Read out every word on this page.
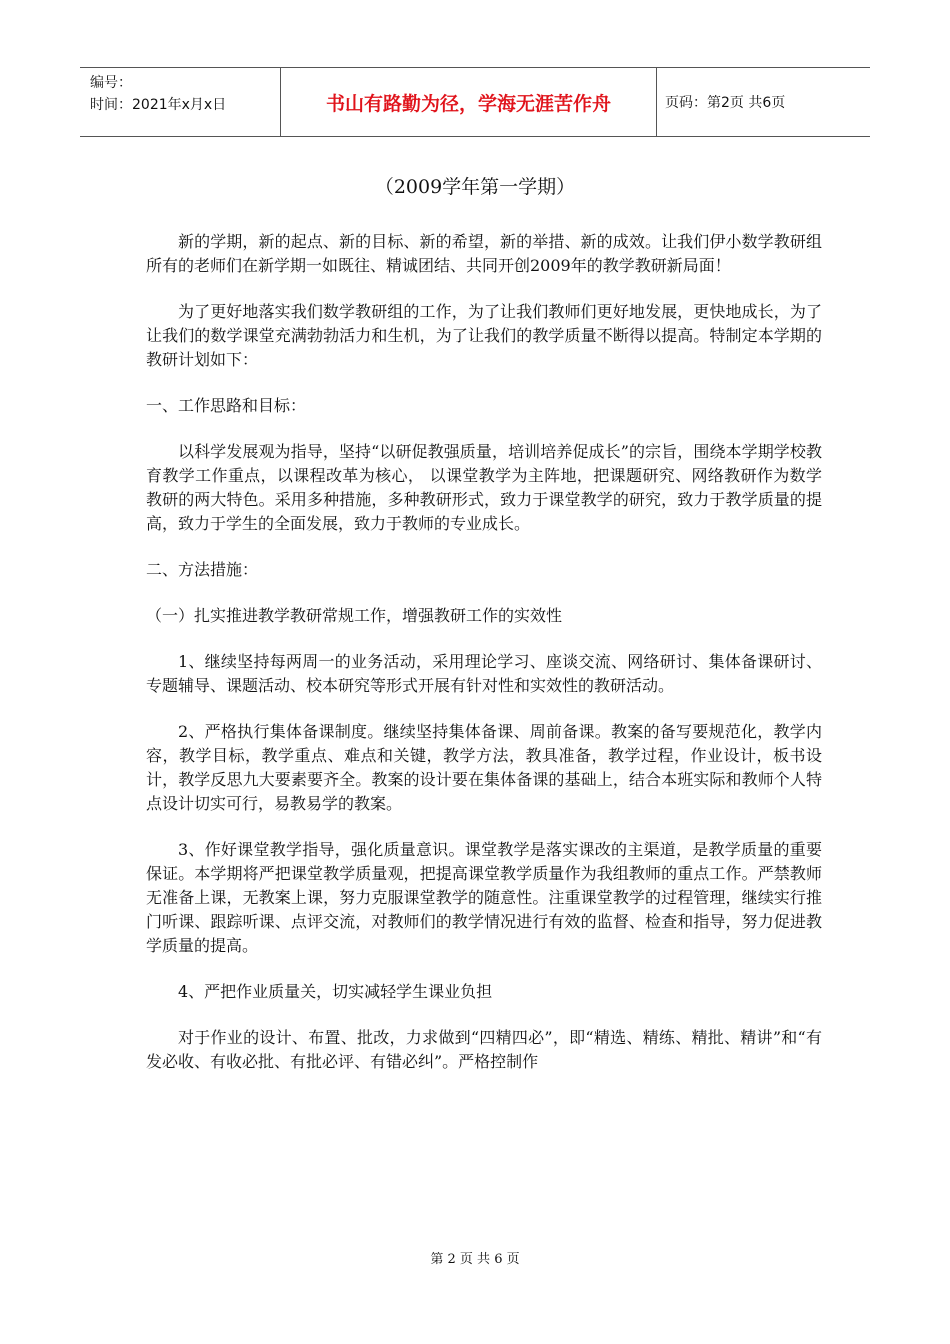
编号：
时间：2021年x月x日	书山有路勤为径，学海无涯苦作舟	页码：第2页 共6页
（2009学年第一学期）

新的学期，新的起点、新的目标、新的希望，新的举措、新的成效。让我们伊小数学教研组所有的老师们在新学期一如既往、精诚团结、共同开创2009年的教学教研新局面！

为了更好地落实我们数学教研组的工作，为了让我们教师们更好地发展，更快地成长，为了让我们的数学课堂充满勃勃活力和生机，为了让我们的教学质量不断得以提高。特制定本学期的教研计划如下：

一、工作思路和目标：

以科学发展观为指导，坚持“以研促教强质量，培训培养促成长”的宗旨，围绕本学期学校教育教学工作重点，以课程改革为核心， 以课堂教学为主阵地，把课题研究、网络教研作为数学教研的两大特色。采用多种措施，多种教研形式，致力于课堂教学的研究，致力于教学质量的提高，致力于学生的全面发展，致力于教师的专业成长。

二、方法措施：

（一）扎实推进教学教研常规工作，增强教研工作的实效性

1、继续坚持每两周一的业务活动，采用理论学习、座谈交流、网络研讨、集体备课研讨、专题辅导、课题活动、校本研究等形式开展有针对性和实效性的教研活动。

2、严格执行集体备课制度。继续坚持集体备课、周前备课。教案的备写要规范化，教学内容，教学目标，教学重点、难点和关键，教学方法，教具准备，教学过程，作业设计，板书设计，教学反思九大要素要齐全。教案的设计要在集体备课的基础上，结合本班实际和教师个人特点设计切实可行，易教易学的教案。

3、作好课堂教学指导，强化质量意识。课堂教学是落实课改的主渠道，是教学质量的重要保证。本学期将严把课堂教学质量观，把提高课堂教学质量作为我组教师的重点工作。严禁教师无准备上课，无教案上课，努力克服课堂教学的随意性。注重课堂教学的过程管理，继续实行推门听课、跟踪听课、点评交流，对教师们的教学情况进行有效的监督、检查和指导，努力促进教学质量的提高。

4、严把作业质量关，切实减轻学生课业负担

对于作业的设计、布置、批改，力求做到“四精四必”，即“精选、精练、精批、精讲”和“有发必收、有收必批、有批必评、有错必纠”。严格控制作

第 2 页 共 6 页
